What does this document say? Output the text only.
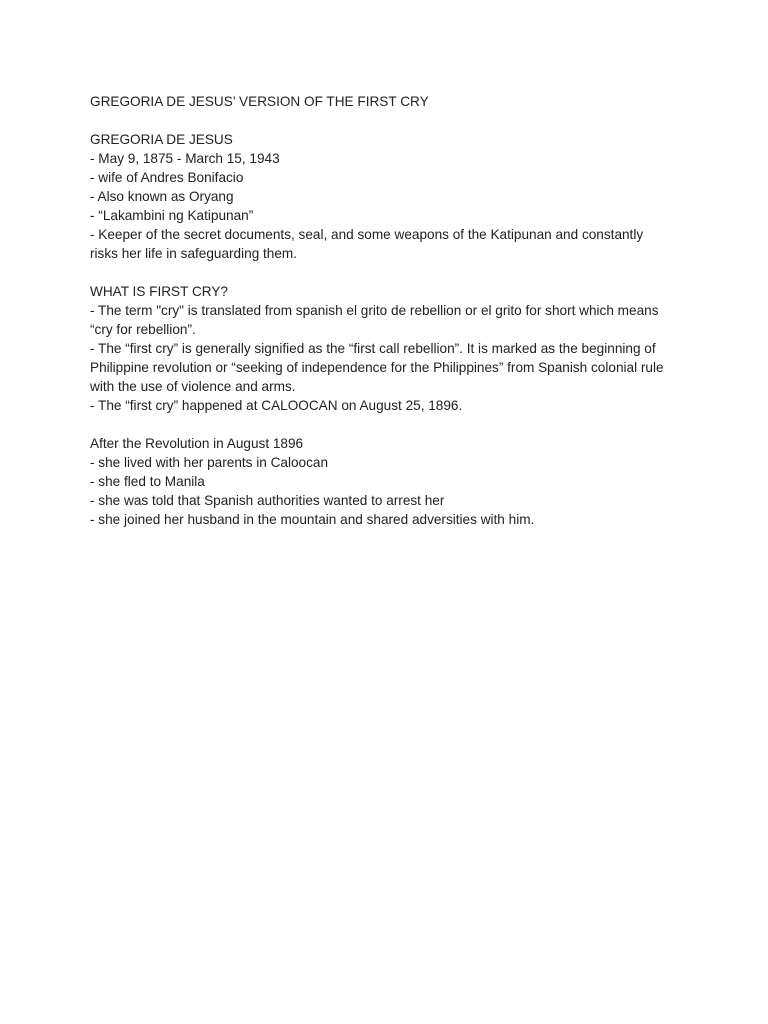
GREGORIA DE JESUS’ VERSION OF THE FIRST CRY
GREGORIA DE JESUS
- May 9, 1875 - March 15, 1943
- wife of Andres Bonifacio
- Also known as Oryang
- “Lakambini ng Katipunan”
- Keeper of the secret documents, seal, and some weapons of the Katipunan and constantly
risks her life in safeguarding them.
WHAT IS FIRST CRY?
- The term "cry" is translated from spanish el grito de rebellion or el grito for short which means
“cry for rebellion”.
- The “first cry” is generally signified as the “first call rebellion”. It is marked as the beginning of
Philippine revolution or “seeking of independence for the Philippines” from Spanish colonial rule
with the use of violence and arms.
- The “first cry” happened at CALOOCAN on August 25, 1896.
After the Revolution in August 1896
- she lived with her parents in Caloocan
- she fled to Manila
- she was told that Spanish authorities wanted to arrest her
- she joined her husband in the mountain and shared adversities with him.
